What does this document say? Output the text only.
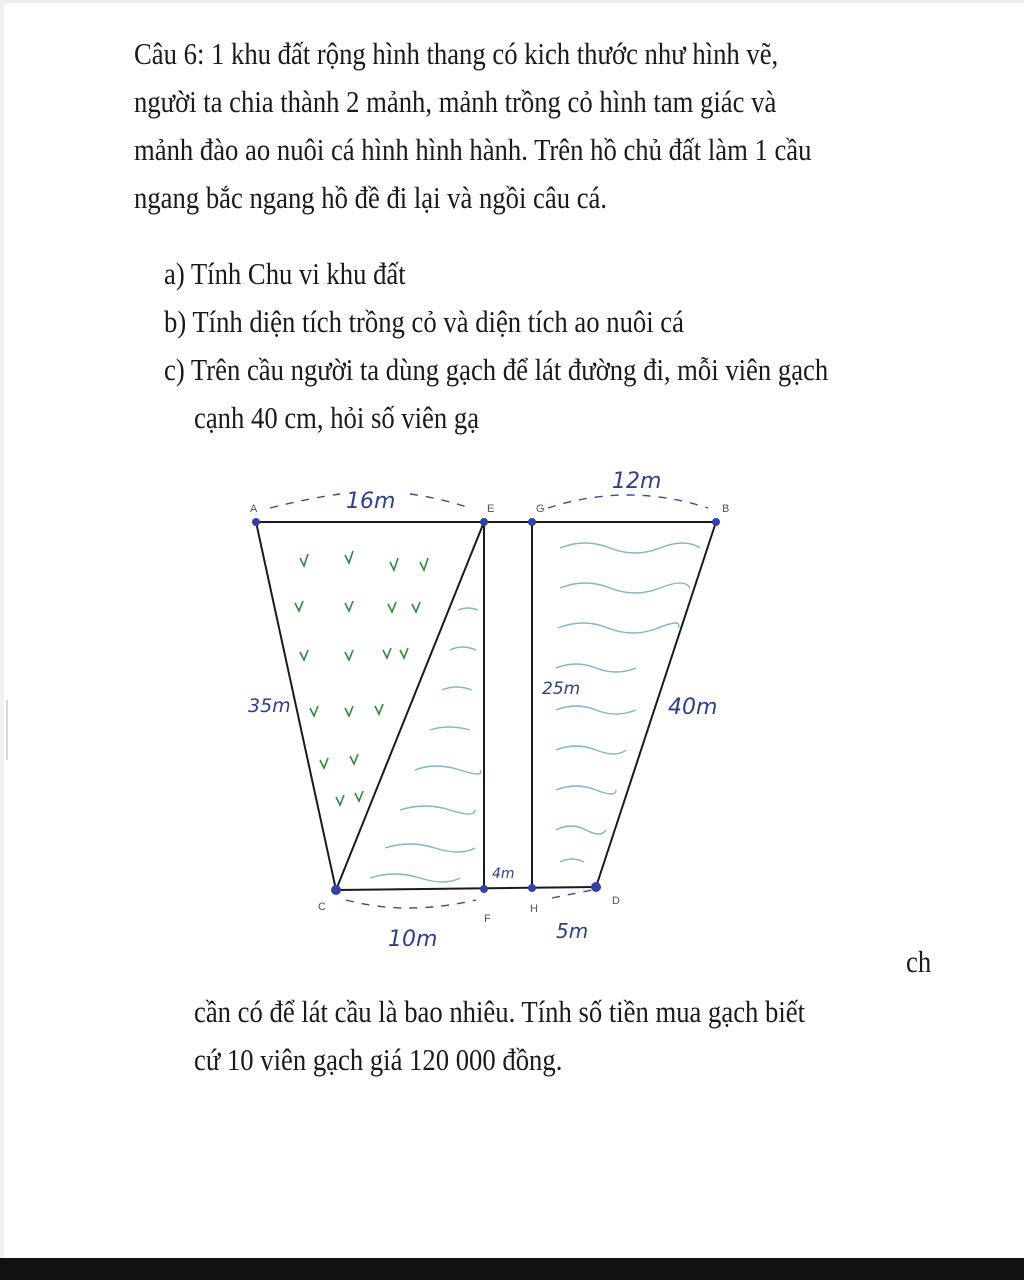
Câu 6: 1 khu đất rộng hình thang có kich thước như hình vẽ,
người ta chia thành 2 mảnh, mảnh trồng cỏ hình tam giác và
mảnh đào ao nuôi cá hình hình hành. Trên hồ chủ đất làm 1 cầu
ngang bắc ngang hồ đề đi lại và ngồi câu cá.
a) Tính Chu vi khu đất
b) Tính diện tích trồng cỏ và diện tích ao nuôi cá
c) Trên cầu người ta dùng gạch để lát đường đi, mỗi viên gạch
cạnh 40 cm, hỏi số viên gạ
A	E	G	B
C
F
H
D
16m
12m
35m	40m
25m
4m
10m	5m
ch
cần có để lát cầu là bao nhiêu. Tính số tiền mua gạch biết
cứ 10 viên gạch giá 120 000 đồng.
